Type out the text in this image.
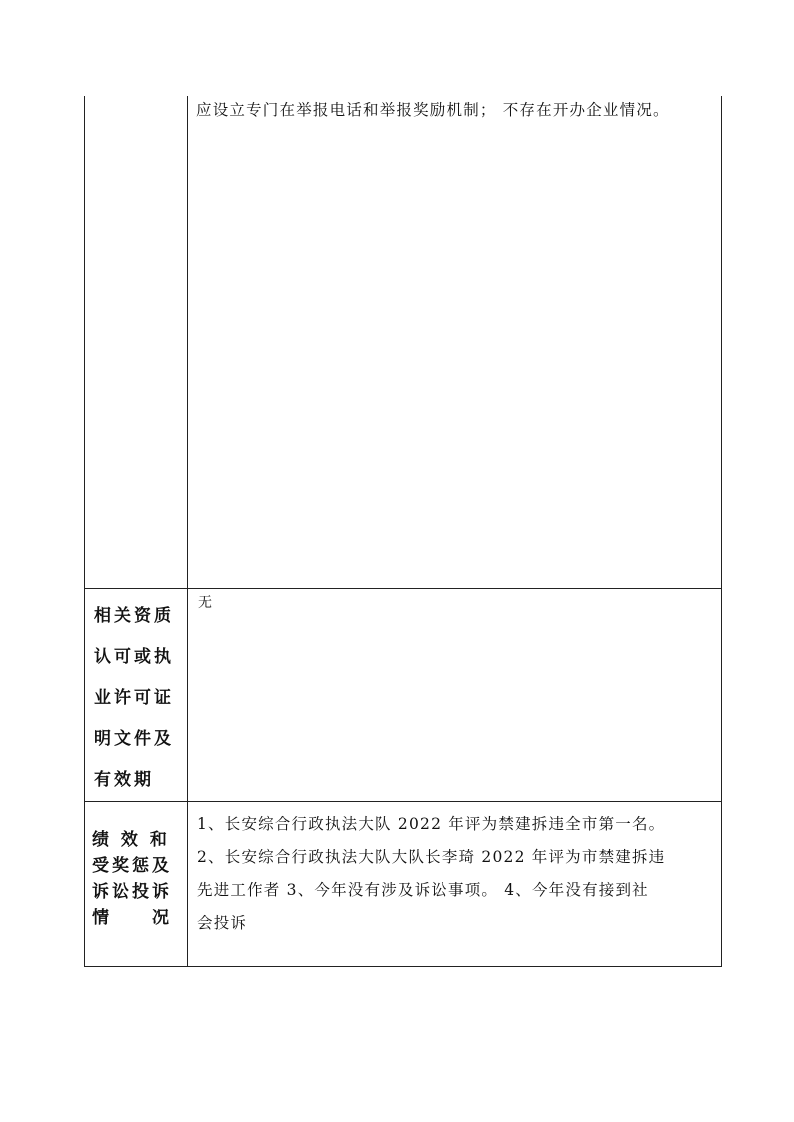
应设立专门在举报电话和举报奖励机制； 不存在开办企业情况。
相关资质
认可或执
业许可证
明文件及
有效期
无
绩 效 和
受奖惩及
诉讼投诉
情　　况
1、长安综合行政执法大队 2022 年评为禁建拆违全市第一名。
2、长安综合行政执法大队大队长李琦 2022 年评为市禁建拆违
先进工作者 3、今年没有涉及诉讼事项。 4、今年没有接到社
会投诉
